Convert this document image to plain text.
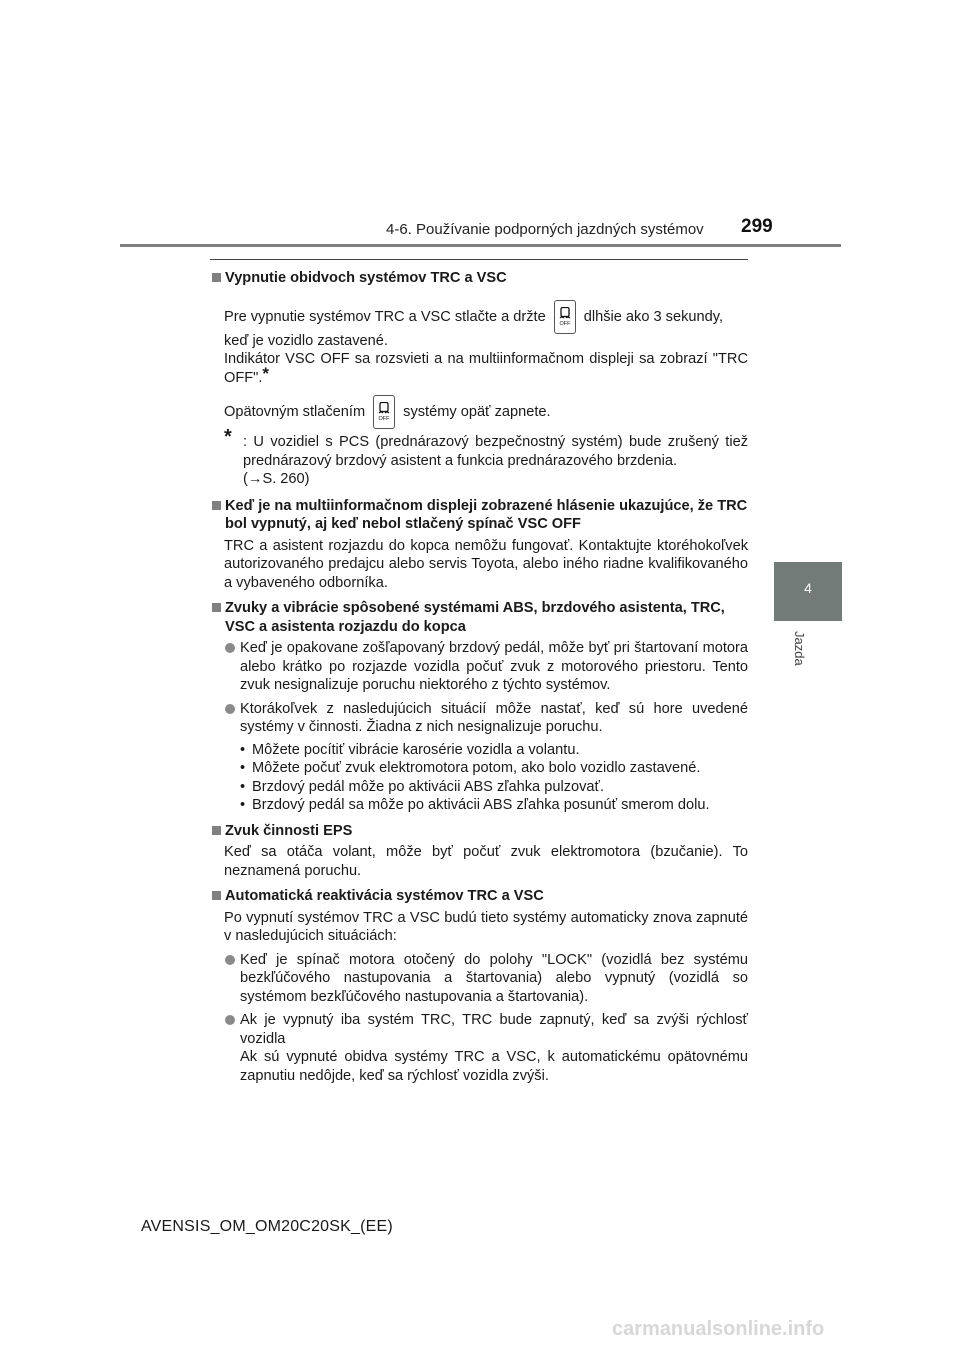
4-6. Používanie podporných jazdných systémov 299
4
Jazda
Vypnutie obidvoch systémov TRC a VSC
Pre vypnutie systémov TRC a VSC stlačte a držte OFF dlhšie ako 3 sekundy,
keď je vozidlo zastavené.
Indikátor VSC OFF sa rozsvieti a na multiinformačnom displeji sa zobrazí "TRC OFF".*
Opätovným stlačením OFF systémy opäť zapnete.
* : U vozidiel s PCS (prednárazový bezpečnostný systém) bude zrušený tiež prednárazový brzdový asistent a funkcia prednárazového brzdenia.
(→S. 260)
Keď je na multiinformačnom displeji zobrazené hlásenie ukazujúce, že TRC bol vypnutý, aj keď nebol stlačený spínač VSC OFF
TRC a asistent rozjazdu do kopca nemôžu fungovať. Kontaktujte ktoréhokoľvek autorizovaného predajcu alebo servis Toyota, alebo iného riadne kvalifikovaného a vybaveného odborníka.
Zvuky a vibrácie spôsobené systémami ABS, brzdového asistenta, TRC, VSC a asistenta rozjazdu do kopca
Keď je opakovane zošľapovaný brzdový pedál, môže byť pri štartovaní motora alebo krátko po rozjazde vozidla počuť zvuk z motorového priestoru. Tento zvuk nesignalizuje poruchu niektorého z týchto systémov.
Ktorákoľvek z nasledujúcich situácií môže nastať, keď sú hore uvedené systémy v činnosti. Žiadna z nich nesignalizuje poruchu.
• Môžete pocítiť vibrácie karosérie vozidla a volantu.
• Môžete počuť zvuk elektromotora potom, ako bolo vozidlo zastavené.
• Brzdový pedál môže po aktivácii ABS zľahka pulzovať.
• Brzdový pedál sa môže po aktivácii ABS zľahka posunúť smerom dolu.
Zvuk činnosti EPS
Keď sa otáča volant, môže byť počuť zvuk elektromotora (bzučanie). To neznamená poruchu.
Automatická reaktivácia systémov TRC a VSC
Po vypnutí systémov TRC a VSC budú tieto systémy automaticky znova zapnuté v nasledujúcich situáciách:
Keď je spínač motora otočený do polohy "LOCK" (vozidlá bez systému bezkľúčového nastupovania a štartovania) alebo vypnutý (vozidlá so systémom bezkľúčového nastupovania a štartovania).
Ak je vypnutý iba systém TRC, TRC bude zapnutý, keď sa zvýši rýchlosť vozidla
Ak sú vypnuté obidva systémy TRC a VSC, k automatickému opätovnému zapnutiu nedôjde, keď sa rýchlosť vozidla zvýši.
AVENSIS_OM_OM20C20SK_(EE)
carmanualsonline.info
